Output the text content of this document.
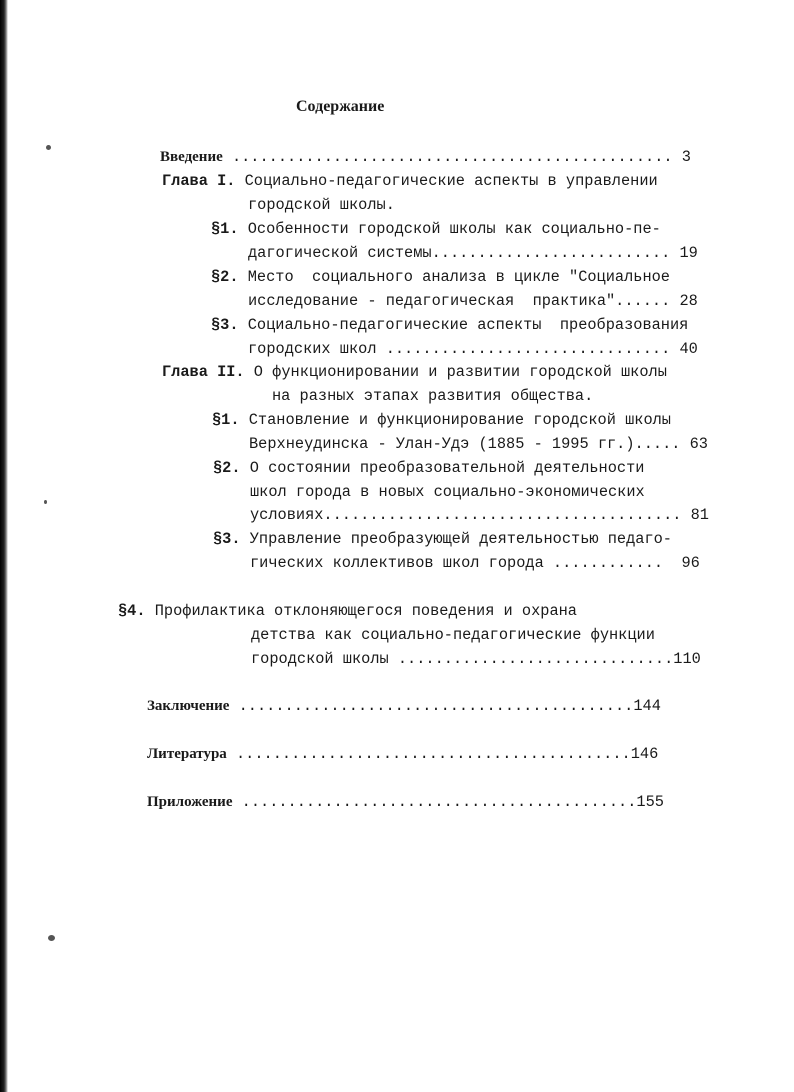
Содержание
Введение ................................................ 3
Глава I. Социально-педагогические аспекты в управлении
городской школы.
§1. Особенности городской школы как социально-пе-
дагогической системы.......................... 19
§2. Место  социального анализа в цикле "Социальное
исследование - педагогическая  практика"...... 28
§3. Социально-педагогические аспекты  преобразования
городских школ ............................... 40
Глава II. О функционировании и развитии городской школы
на разных этапах развития общества.
§1. Становление и функционирование городской школы
Верхнеудинска - Улан-Удэ (1885 - 1995 гг.)..... 63
§2. О состоянии преобразовательной деятельности
школ города в новых социально-экономических
условиях....................................... 81
§3. Управление преобразующей деятельностью педаго-
гических коллективов школ города ............  96
§4. Профилактика отклоняющегося поведения и охрана
детства как социально-педагогические функции
городской школы ..............................110
Заключение ...........................................144
Литература ...........................................146
Приложение ...........................................155
